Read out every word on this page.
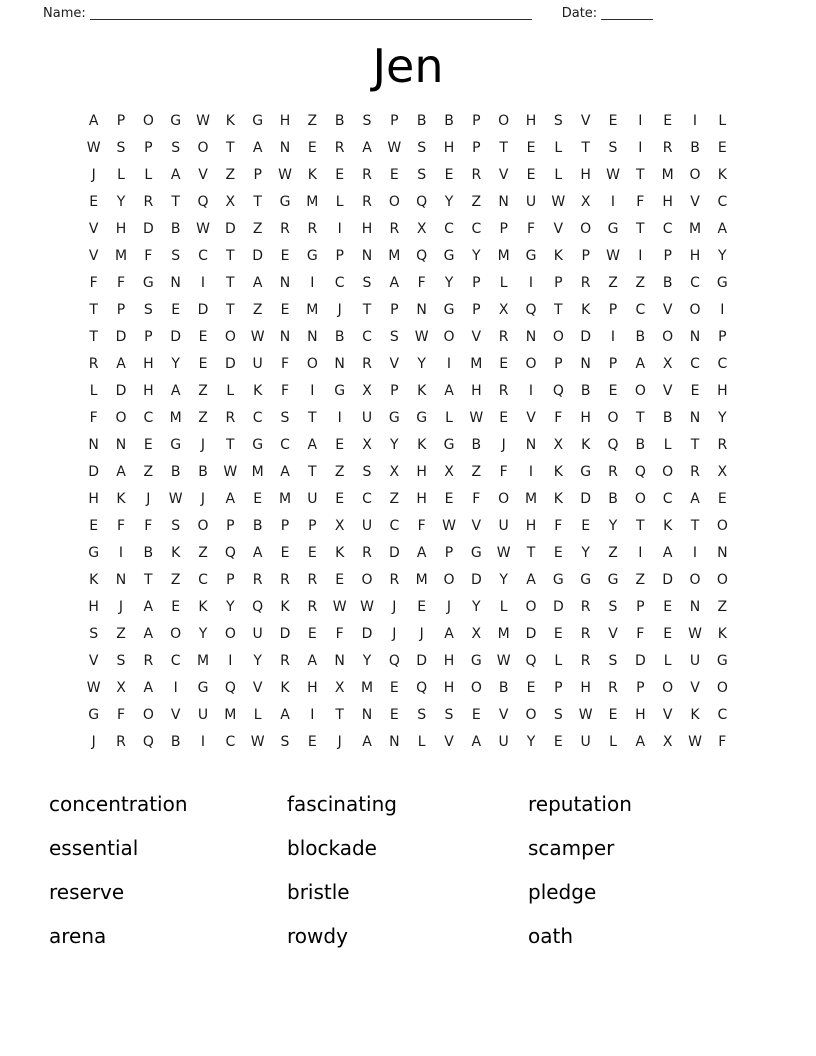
Name: ____________________________________________________________________ Date: ________
Jen
A	P	O	G	W	K	G	H	Z	B	S	P	B	B	P	O	H	S	V	E	I	E	I	L
W	S	P	S	O	T	A	N	E	R	A	W	S	H	P	T	E	L	T	S	I	R	B	E
J	L	L	A	V	Z	P	W	K	E	R	E	S	E	R	V	E	L	H	W	T	M	O	K
E	Y	R	T	Q	X	T	G	M	L	R	O	Q	Y	Z	N	U	W	X	I	F	H	V	C
V	H	D	B	W	D	Z	R	R	I	H	R	X	C	C	P	F	V	O	G	T	C	M	A
V	M	F	S	C	T	D	E	G	P	N	M	Q	G	Y	M	G	K	P	W	I	P	H	Y
F	F	G	N	I	T	A	N	I	C	S	A	F	Y	P	L	I	P	R	Z	Z	B	C	G
T	P	S	E	D	T	Z	E	M	J	T	P	N	G	P	X	Q	T	K	P	C	V	O	I
T	D	P	D	E	O	W	N	N	B	C	S	W	O	V	R	N	O	D	I	B	O	N	P
R	A	H	Y	E	D	U	F	O	N	R	V	Y	I	M	E	O	P	N	P	A	X	C	C
L	D	H	A	Z	L	K	F	I	G	X	P	K	A	H	R	I	Q	B	E	O	V	E	H
F	O	C	M	Z	R	C	S	T	I	U	G	G	L	W	E	V	F	H	O	T	B	N	Y
N	N	E	G	J	T	G	C	A	E	X	Y	K	G	B	J	N	X	K	Q	B	L	T	R
D	A	Z	B	B	W	M	A	T	Z	S	X	H	X	Z	F	I	K	G	R	Q	O	R	X
H	K	J	W	J	A	E	M	U	E	C	Z	H	E	F	O	M	K	D	B	O	C	A	E
E	F	F	S	O	P	B	P	P	X	U	C	F	W	V	U	H	F	E	Y	T	K	T	O
G	I	B	K	Z	Q	A	E	E	K	R	D	A	P	G	W	T	E	Y	Z	I	A	I	N
K	N	T	Z	C	P	R	R	R	E	O	R	M	O	D	Y	A	G	G	G	Z	D	O	O
H	J	A	E	K	Y	Q	K	R	W W	J	E	J	Y	L	O	D	R	S	P	E	N	Z
S	Z	A	O	Y	O	U	D	E	F	D	J	J	A	X	M	D	E	R	V	F	E	W	K
V	S	R	C	M	I	Y	R	A	N	Y	Q	D	H	G	W	Q	L	R	S	D	L	U	G
W	X	A	I	G	Q	V	K	H	X	M	E	Q	H	O	B	E	P	H	R	P	O	V	O
G	F	O	V	U	M	L	A	I	T	N	E	S	S	E	V	O	S	W	E	H	V	K	C
J	R	Q	B	I	C	W	S	E	J	A	N	L	V	A	U	Y	E	U	L	A	X	W	F
concentration
essential
reserve
arena
fascinating
blockade
bristle
rowdy
reputation
scamper
pledge
oath
